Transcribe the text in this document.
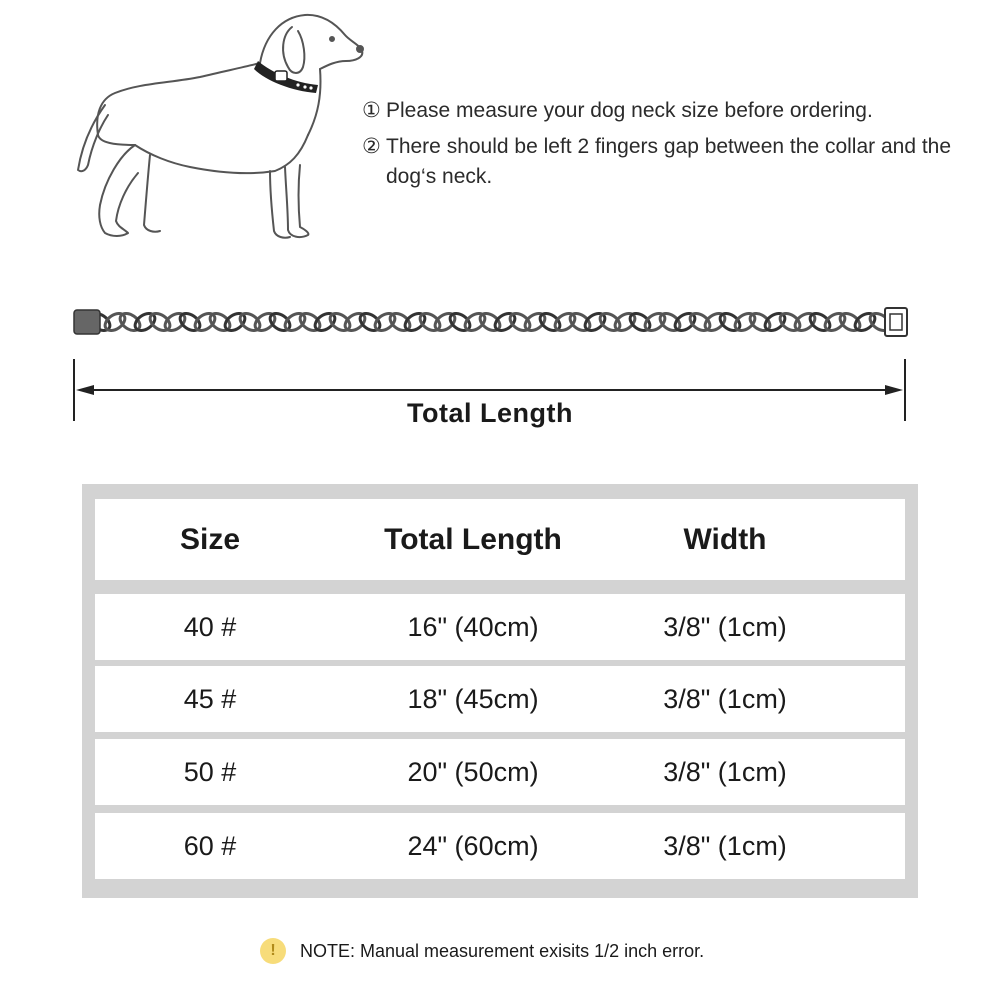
① Please measure your dog neck size before ordering.
② There should be left 2 fingers gap between the collar and the dog‘s neck.
Total Length
Size	Total Length	Width
40 #	16" (40cm)	3/8" (1cm)
45 #	18" (45cm)	3/8" (1cm)
50 #	20" (50cm)	3/8" (1cm)
60 #	24" (60cm)	3/8" (1cm)
!	NOTE: Manual measurement exisits 1/2 inch error.
